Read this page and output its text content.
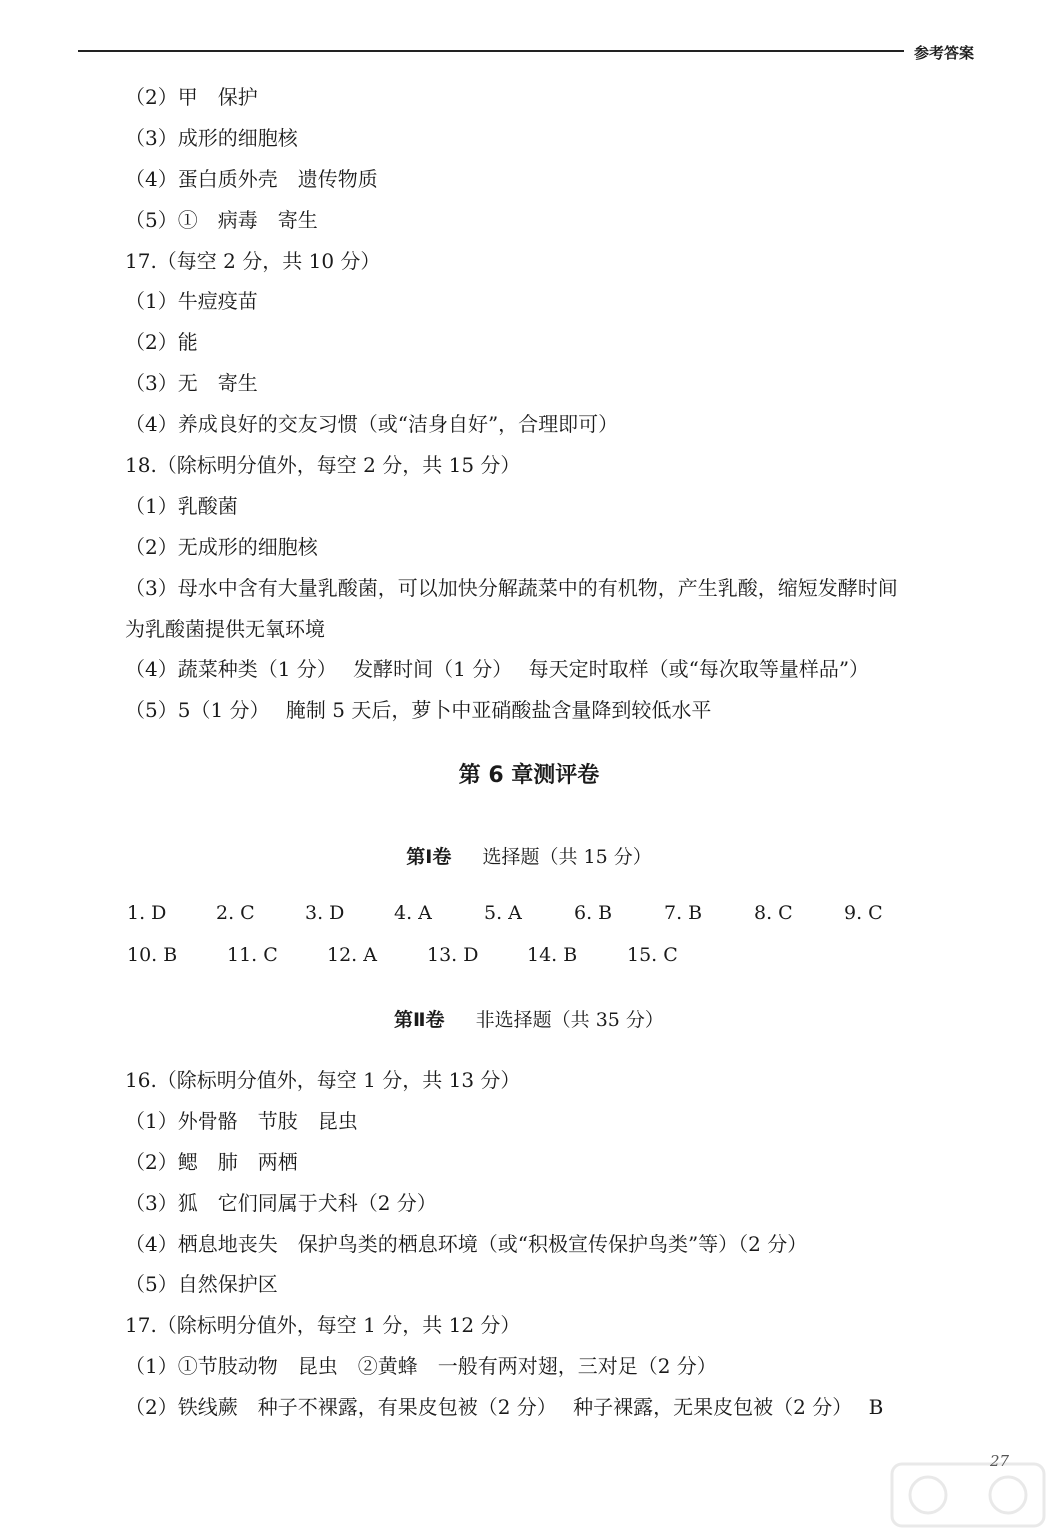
参考答案
（2）甲　保护
（3）成形的细胞核
（4）蛋白质外壳　遗传物质
（5）①　病毒　寄生
17.（每空 2 分，共 10 分）
（1）牛痘疫苗
（2）能
（3）无　寄生
（4）养成良好的交友习惯（或“洁身自好”，合理即可）
18.（除标明分值外，每空 2 分，共 15 分）
（1）乳酸菌
（2）无成形的细胞核
（3）母水中含有大量乳酸菌，可以加快分解蔬菜中的有机物，产生乳酸，缩短发酵时间
为乳酸菌提供无氧环境
（4）蔬菜种类（1 分）　 发酵时间（1 分）　 每天定时取样（或“每次取等量样品”）
（5）5（1 分）　 腌制 5 天后，萝卜中亚硝酸盐含量降到较低水平
第 6 章测评卷
第Ⅰ卷 　 选择题（共 15 分）
1. D	2. C	3. D	4. A	5. A	6. B	7. B	8. C	9. C
10. B	11. C	12. A	13. D	14. B	15. C
第Ⅱ卷 　 非选择题（共 35 分）
16.（除标明分值外，每空 1 分，共 13 分）
（1）外骨骼　节肢　昆虫
（2）鳃　肺　两栖
（3）狐　它们同属于犬科（2 分）
（4）栖息地丧失　保护鸟类的栖息环境（或“积极宣传保护鸟类”等）（2 分）
（5）自然保护区
17.（除标明分值外，每空 1 分，共 12 分）
（1）①节肢动物　昆虫　②黄蜂　一般有两对翅，三对足（2 分）
（2）铁线蕨　种子不裸露，有果皮包被（2 分）　 种子裸露，无果皮包被（2 分）　 B
27
